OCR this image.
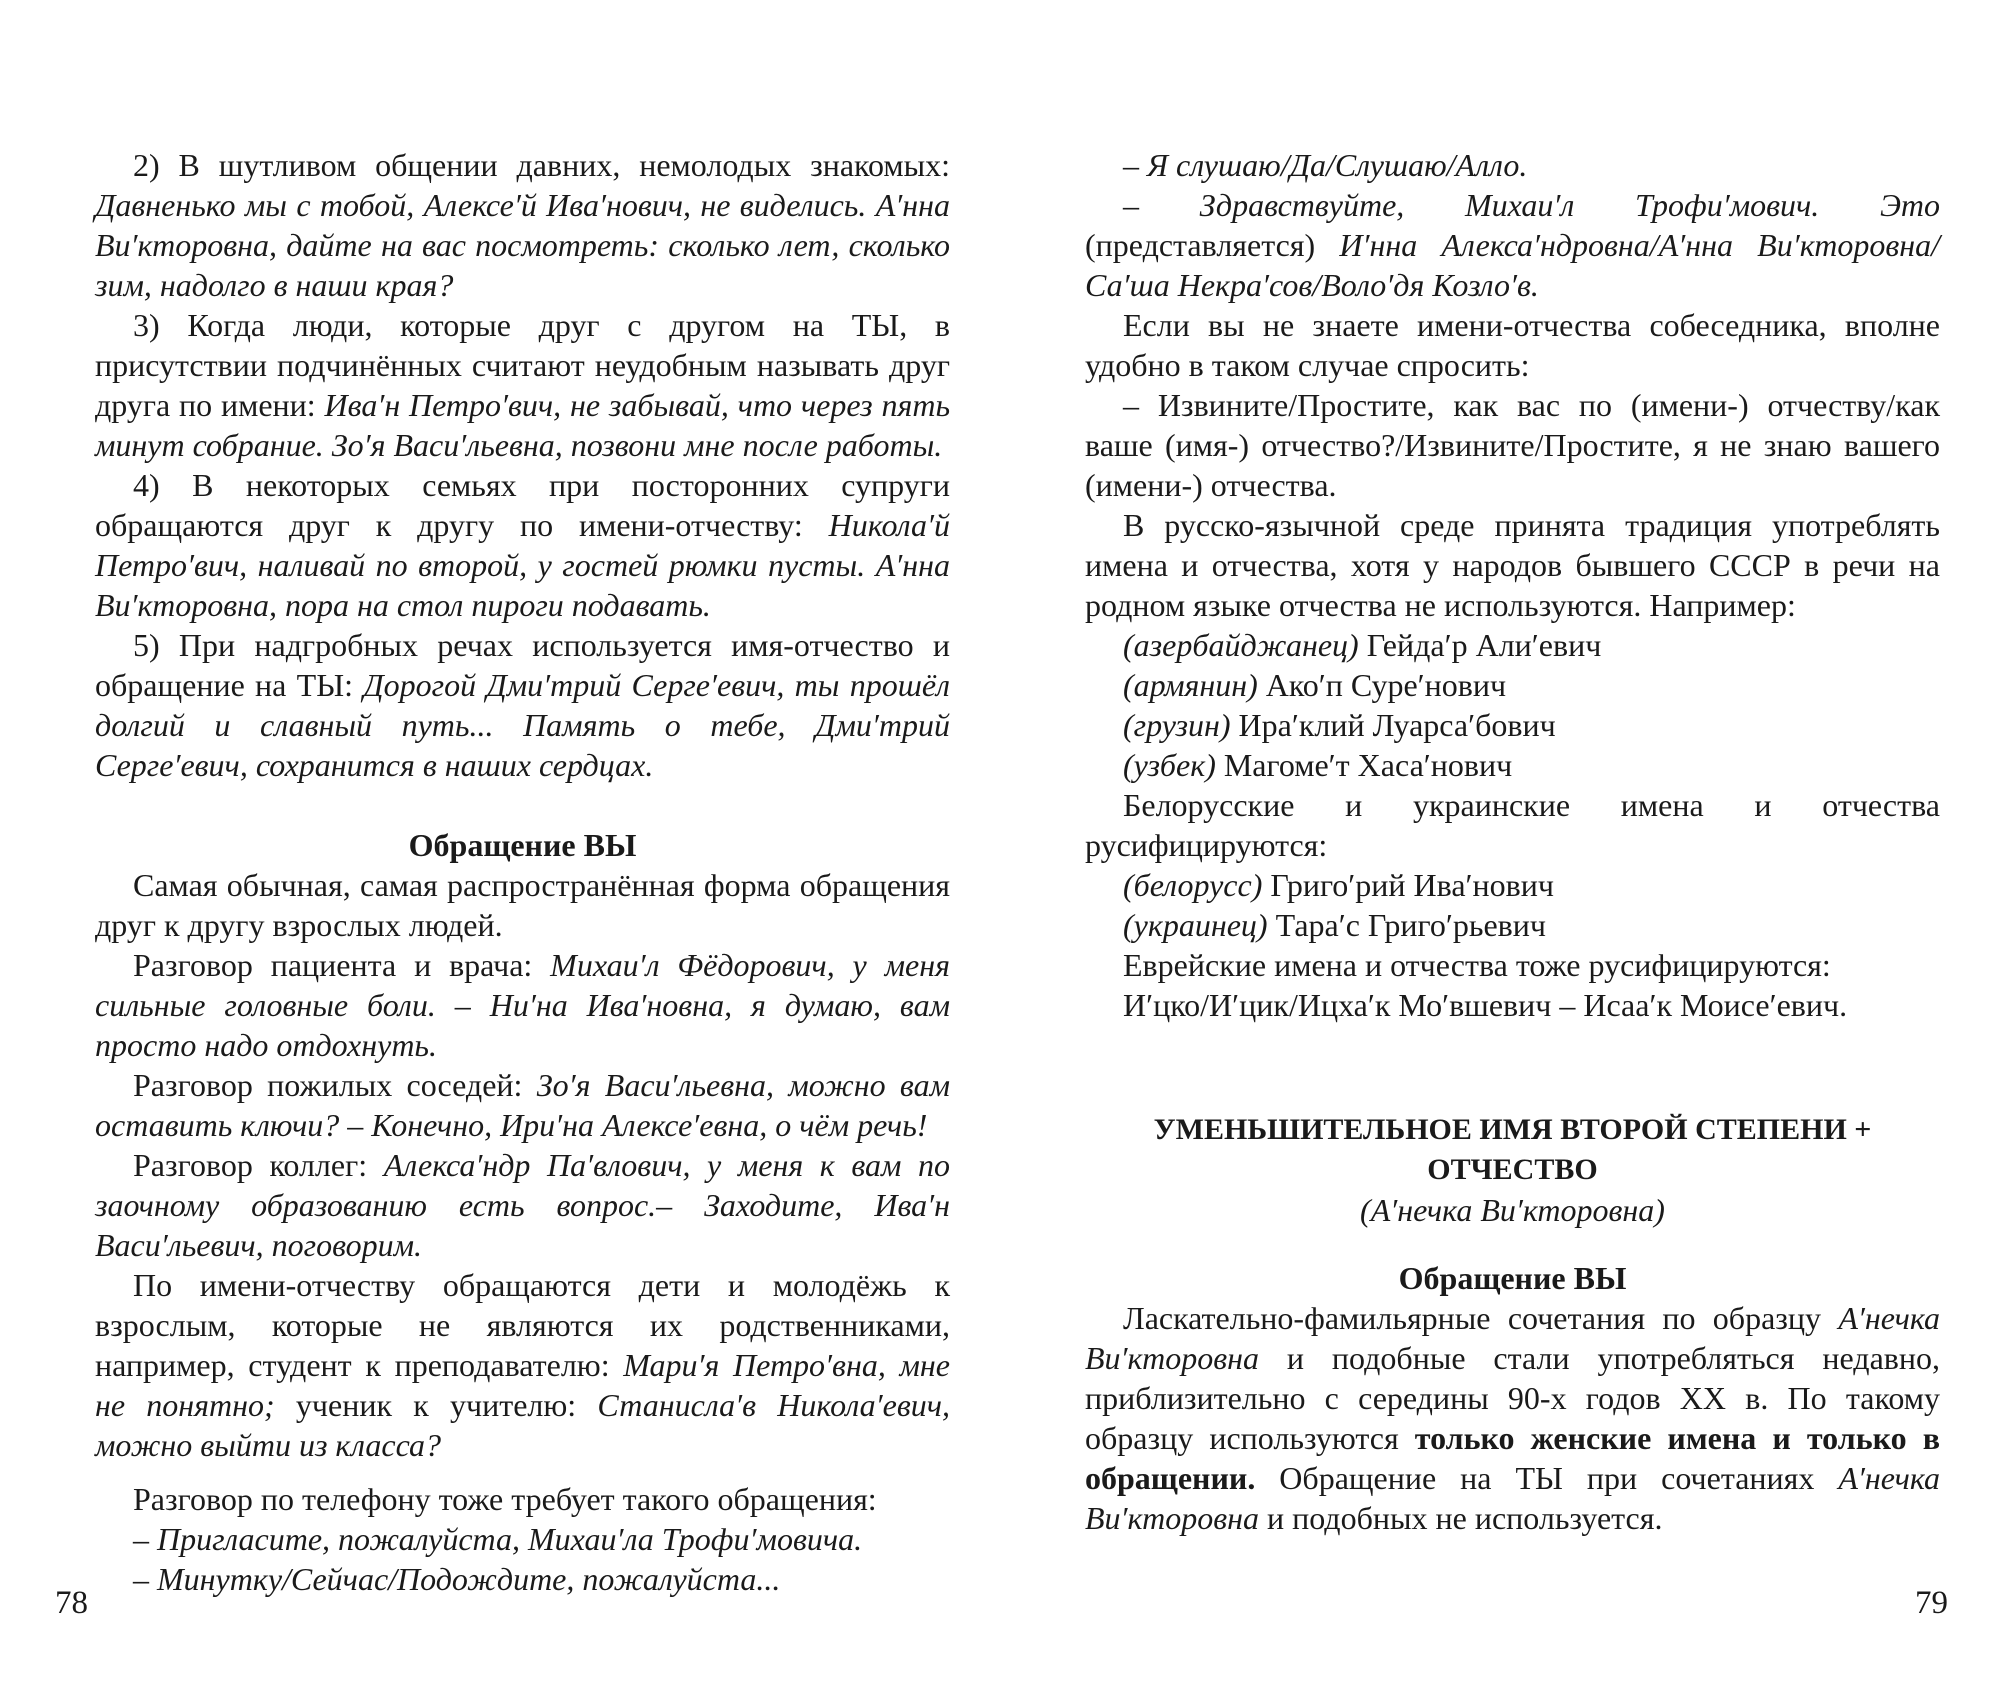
2) В шутливом общении давних, немолодых знакомых: Давненько мы с тобой, Алексе′й Ива′нович, не виделись. А′нна Ви′кторовна, дайте на вас посмотреть: сколько лет, сколько зим, надолго в наши края?

3) Когда люди, которые друг с другом на ТЫ, в присутствии подчинённых считают неудобным называть друг друга по имени: Ива′н Петро′вич, не забывай, что через пять минут собрание. Зо′я Васи′льевна, позвони мне после работы.

4) В некоторых семьях при посторонних супруги обращаются друг к другу по имени-отчеству: Никола′й Петро′вич, наливай по второй, у гостей рюмки пусты. А′нна Ви′кторовна, пора на стол пироги подавать.

5) При надгробных речах используется имя-отчество и обращение на ТЫ: Дорогой Дми′трий Серге′евич, ты прошёл долгий и славный путь... Память о тебе, Дми′трий Серге′евич, сохранится в наших сердцах.

Обращение ВЫ

Самая обычная, самая распространённая форма обращения друг к другу взрослых людей.

Разговор пациента и врача: Михаи′л Фёдорович, у меня сильные головные боли. – Ни′на Ива′новна, я думаю, вам просто надо отдохнуть.

Разговор пожилых соседей: Зо′я Васи′льевна, можно вам оставить ключи? – Конечно, Ири′на Алексе′евна, о чём речь!

Разговор коллег: Алекса′ндр Па′влович, у меня к вам по заочному образованию есть вопрос.– Заходите, Ива′н Васи′льевич, поговорим.

По имени-отчеству обращаются дети и молодёжь к взрослым, которые не являются их родственниками, например, студент к преподавателю: Мари′я Петро′вна, мне не понятно; ученик к учителю: Станисла′в Никола′евич, можно выйти из класса?

Разговор по телефону тоже требует такого обращения:

– Пригласите, пожалуйста, Михаи′ла Трофи′мовича.

– Минутку/Сейчас/Подождите, пожалуйста...

– Я слушаю/Да/Слушаю/Алло.

– Здравствуйте, Михаи′л Трофи′мович. Это (представляется) И′нна Алекса′ндровна/А′нна Ви′кторовна/Са′ша Некра′сов/Воло′дя Козло′в.

Если вы не знаете имени-отчества собеседника, вполне удобно в таком случае спросить:

– Извините/Простите, как вас по (имени-) отчеству/как ваше (имя-) отчество?/Извините/Простите, я не знаю вашего (имени-) отчества.

В русско-язычной среде принята традиция употреблять имена и отчества, хотя у народов бывшего СССР в речи на родном языке отчества не используются. Например:

(азербайджанец) Гейда′р Али′евич

(армянин) Ако′п Суре′нович

(грузин) Ира′клий Луарса′бович

(узбек) Магоме′т Хаса′нович

Белорусские и украинские имена и отчества русифицируются:

(белорусс) Григо′рий Ива′нович

(украинец) Тара′с Григо′рьевич

Еврейские имена и отчества тоже русифицируются:

И′цко/И′цик/Ицха′к Мо′вшевич – Исаа′к Моисе′евич.

УМЕНЬШИТЕЛЬНОЕ ИМЯ ВТОРОЙ СТЕПЕНИ + ОТЧЕСТВО

(А′нечка Ви′кторовна)

Обращение ВЫ

Ласкательно-фамильярные сочетания по образцу А′нечка Ви′кторовна и подобные стали употребляться недавно, приблизительно с середины 90-х годов XX в. По такому образцу используются только женские имена и только в обращении. Обращение на ТЫ при сочетаниях А′нечка Ви′кторовна и подобных не используется.

78	79
